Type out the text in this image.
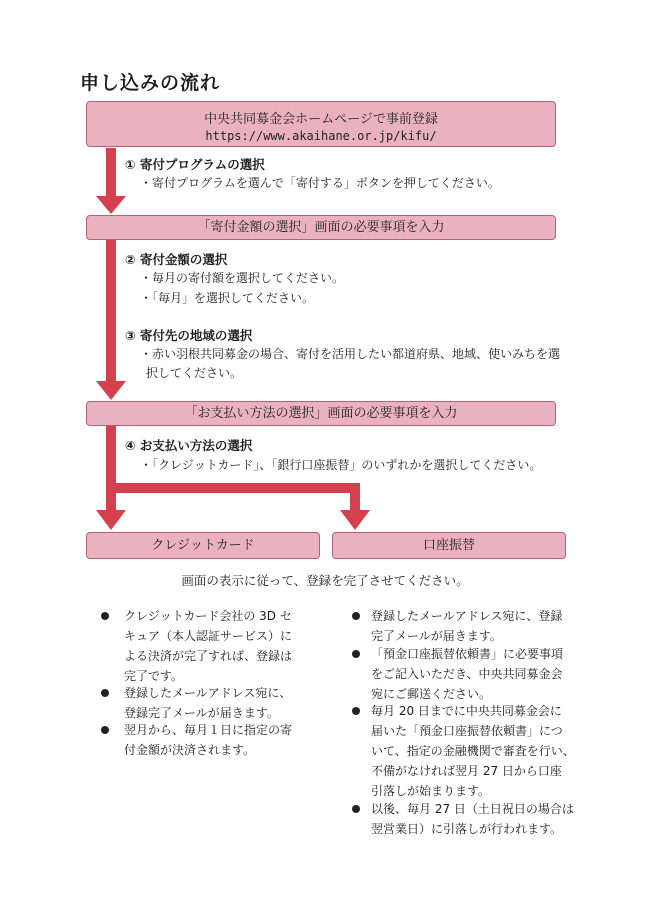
申し込みの流れ
中央共同募金会ホームページで事前登録
https://www.akaihane.or.jp/kifu/
① 寄付プログラムの選択
・寄付プログラムを選んで「寄付する」ボタンを押してください。
「寄付金額の選択」画面の必要事項を入力
② 寄付金額の選択
・毎月の寄付額を選択してください。
・「毎月」を選択してください。
③ 寄付先の地域の選択
・赤い羽根共同募金の場合、寄付を活用したい都道府県、地域、使いみちを選
択してください。
「お支払い方法の選択」画面の必要事項を入力
④ お支払い方法の選択
・「クレジットカード」、「銀行口座振替」のいずれかを選択してください。
クレジットカード	口座振替
画面の表示に従って、登録を完了させてください。
クレジットカード会社の 3D セ
キュア（本人認証サービス）に
よる決済が完了すれば、登録は
完了です。
登録したメールアドレス宛に、
登録完了メールが届きます。
翌月から、毎月１日に指定の寄
付金額が決済されます。
登録したメールアドレス宛に、登録
完了メールが届きます。
「預金口座振替依頼書」に必要事項
をご記入いただき、中央共同募金会
宛にご郵送ください。
毎月 20 日までに中央共同募金会に
届いた「預金口座振替依頼書」につ
いて、指定の金融機関で審査を行い、
不備がなければ翌月 27 日から口座
引落しが始まります。
以後、毎月 27 日（土日祝日の場合は
翌営業日）に引落しが行われます。
